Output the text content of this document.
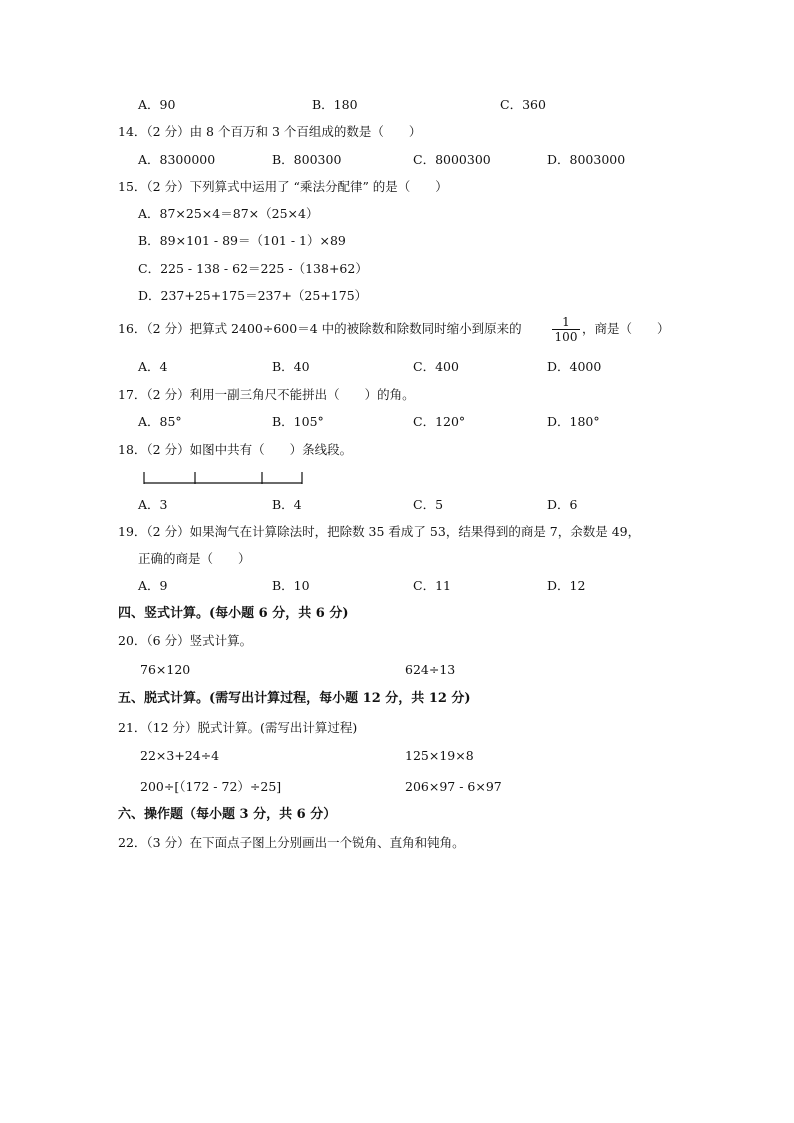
A．90	B．180	C．360
14．（2 分）由 8 个百万和 3 个百组成的数是（　　）
A．8300000	B．800300	C．8000300	D．8003000
15．（2 分）下列算式中运用了 “乘法分配律” 的是（　　）
A．87×25×4＝87×（25×4）
B．89×101 - 89＝（101 - 1）×89
C．225 - 138 - 62＝225 -（138+62）
D．237+25+175＝237+（25+175）
16．（2 分）把算式 2400÷600＝4 中的被除数和除数同时缩小到原来的	$\frac{1}{100}$ ，商是（　　）
A．4	B．40	C．400	D．4000
17．（2 分）利用一副三角尺不能拼出（　　）的角。
A．85°	B．105°	C．120°	D．180°
18．（2 分）如图中共有（　　）条线段。
A．3	B．4	C．5	D．6
19．（2 分）如果淘气在计算除法时，把除数 35 看成了 53，结果得到的商是 7，余数是 49，
正确的商是（　　）
A．9	B．10	C．11	D．12
四、竖式计算。(每小题 6 分，共 6 分)
20．（6 分）竖式计算。
76×120	624÷13
五、脱式计算。(需写出计算过程，每小题 12 分，共 12 分)
21．（12 分）脱式计算。(需写出计算过程)
22×3+24÷4	125×19×8
200÷[（172 - 72）÷25]	206×97 - 6×97
六、操作题（每小题 3 分，共 6 分）
22．（3 分）在下面点子图上分别画出一个锐角、直角和钝角。
